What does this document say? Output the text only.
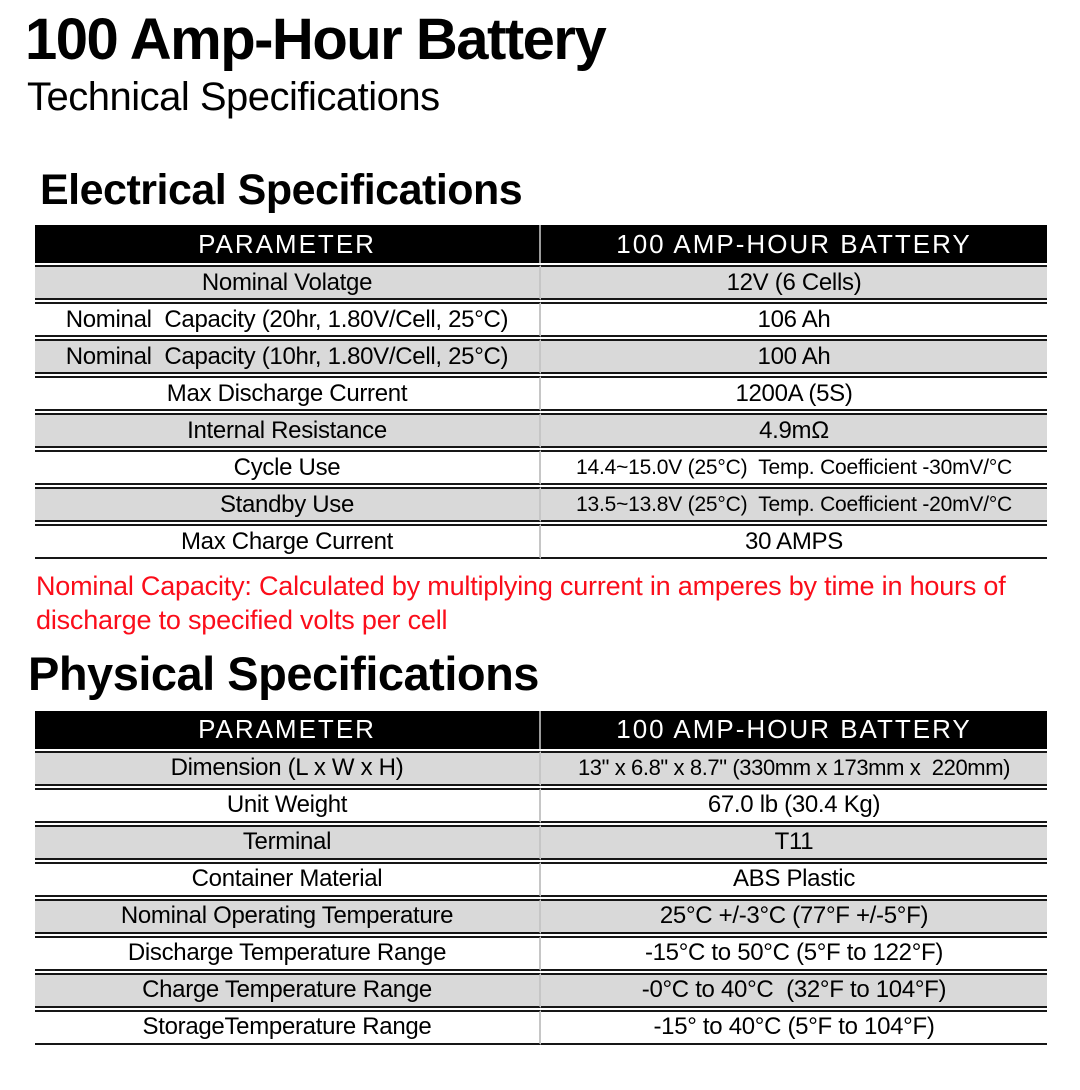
100 Amp-Hour Battery
Technical Specifications
Electrical Specifications
PARAMETER	100 AMP-HOUR BATTERY
Nominal Volatge	12V (6 Cells)
Nominal  Capacity (20hr, 1.80V/Cell, 25°C)	106 Ah
Nominal  Capacity (10hr, 1.80V/Cell, 25°C)	100 Ah
Max Discharge Current	1200A (5S)
Internal Resistance	4.9mΩ
Cycle Use	14.4~15.0V (25°C)  Temp. Coefficient -30mV/°C
Standby Use	13.5~13.8V (25°C)  Temp. Coefficient -20mV/°C
Max Charge Current	30 AMPS
Nominal Capacity: Calculated by multiplying current in amperes by time in hours of discharge to specified volts per cell
Physical Specifications
PARAMETER	100 AMP-HOUR BATTERY
Dimension (L x W x H)	13" x 6.8" x 8.7" (330mm x 173mm x  220mm)
Unit Weight	67.0 lb (30.4 Kg)
Terminal	T11
Container Material	ABS Plastic
Nominal Operating Temperature	25°C +/-3°C (77°F +/-5°F)
Discharge Temperature Range	-15°C to 50°C (5°F to 122°F)
Charge Temperature Range	-0°C to 40°C  (32°F to 104°F)
StorageTemperature Range	-15° to 40°C (5°F to 104°F)
